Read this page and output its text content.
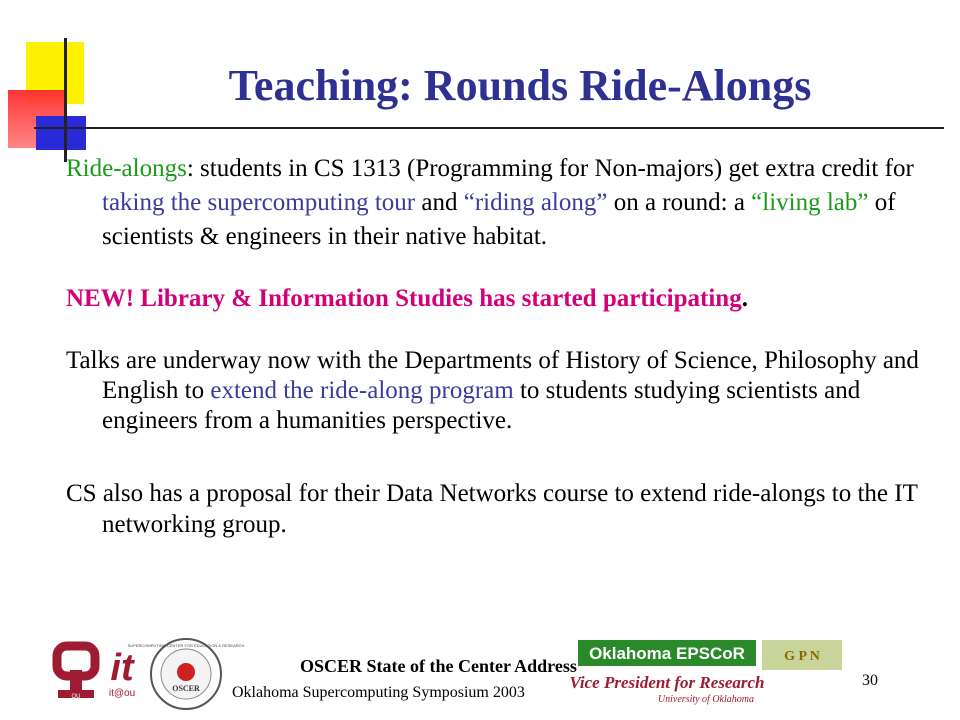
Teaching: Rounds Ride-Alongs
Ride-alongs: students in CS 1313 (Programming for Non-majors) get extra credit for taking the supercomputing tour and “riding along” on a round: a “living lab” of scientists & engineers in their native habitat.
NEW! Library & Information Studies has started participating.
Talks are underway now with the Departments of History of Science, Philosophy and English to extend the ride-along program to students studying scientists and engineers from a humanities perspective.
CS also has a proposal for their Data Networks course to extend ride-alongs to the IT networking group.
OU
it
it@ou	OSCER
SUPERCOMPUTING CENTER FOR EDUCATION & RESEARCH	Oklahoma EPSCoR
Vice President for Research
University of Oklahoma
G P N
OSCER State of the Center Address
Oklahoma Supercomputing Symposium 2003
30
